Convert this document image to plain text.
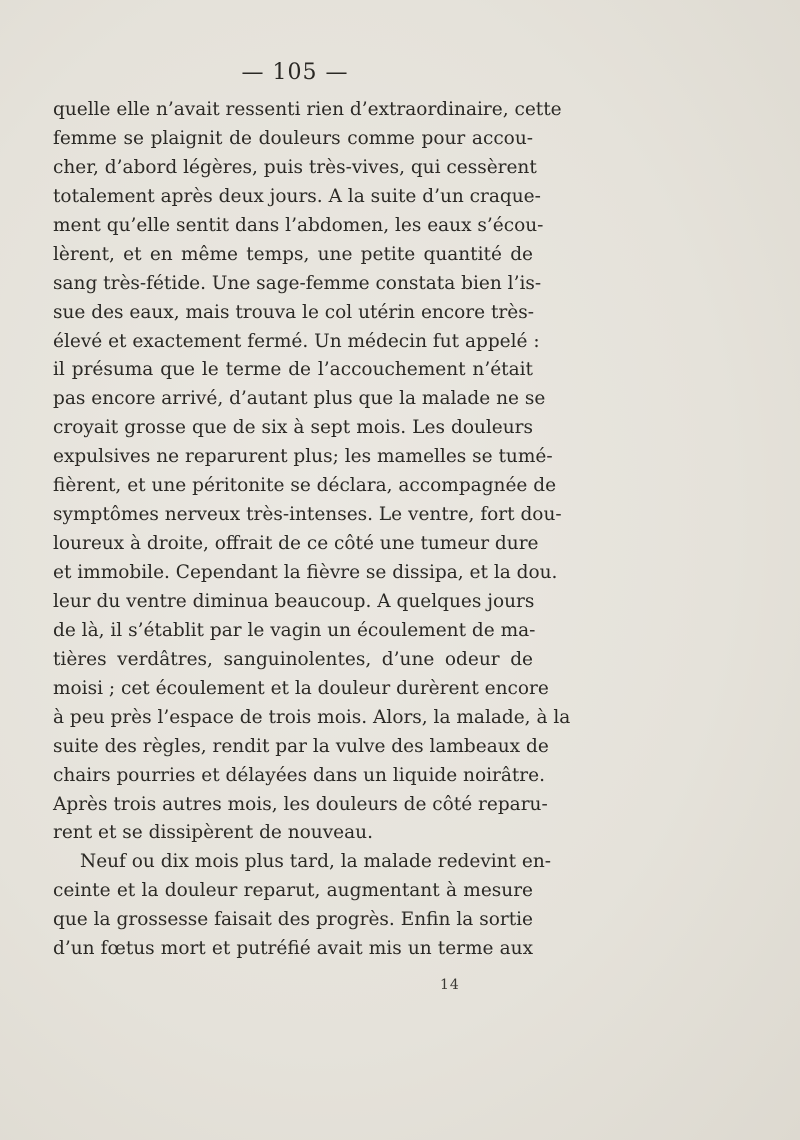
— 105 —
quelle elle n’avait ressenti rien d’extraordinaire, cette
femme se plaignit de douleurs comme pour accou-
cher, d’abord légères, puis très-vives, qui cessèrent
totalement après deux jours. A la suite d’un craque-
ment qu’elle sentit dans l’abdomen, les eaux s’écou-
lèrent, et en même temps, une petite quantité de
sang très-fétide. Une sage-femme constata bien l’is-
sue des eaux, mais trouva le col utérin encore très-
élevé et exactement fermé. Un médecin fut appelé :
il présuma que le terme de l’accouchement n’était
pas encore arrivé, d’autant plus que la malade ne se
croyait grosse que de six à sept mois. Les douleurs
expulsives ne reparurent plus; les mamelles se tumé-
fièrent, et une péritonite se déclara, accompagnée de
symptômes nerveux très-intenses. Le ventre, fort dou-
loureux à droite, offrait de ce côté une tumeur dure
et immobile. Cependant la fièvre se dissipa, et la dou.
leur du ventre diminua beaucoup. A quelques jours
de là, il s’établit par le vagin un écoulement de ma-
tières verdâtres, sanguinolentes, d’une odeur de
moisi ; cet écoulement et la douleur durèrent encore
à peu près l’espace de trois mois. Alors, la malade, à la
suite des règles, rendit par la vulve des lambeaux de
chairs pourries et délayées dans un liquide noirâtre.
Après trois autres mois, les douleurs de côté reparu-
rent et se dissipèrent de nouveau.
Neuf ou dix mois plus tard, la malade redevint en-
ceinte et la douleur reparut, augmentant à mesure
que la grossesse faisait des progrès. Enfin la sortie
d’un fœtus mort et putréfié avait mis un terme aux
14
